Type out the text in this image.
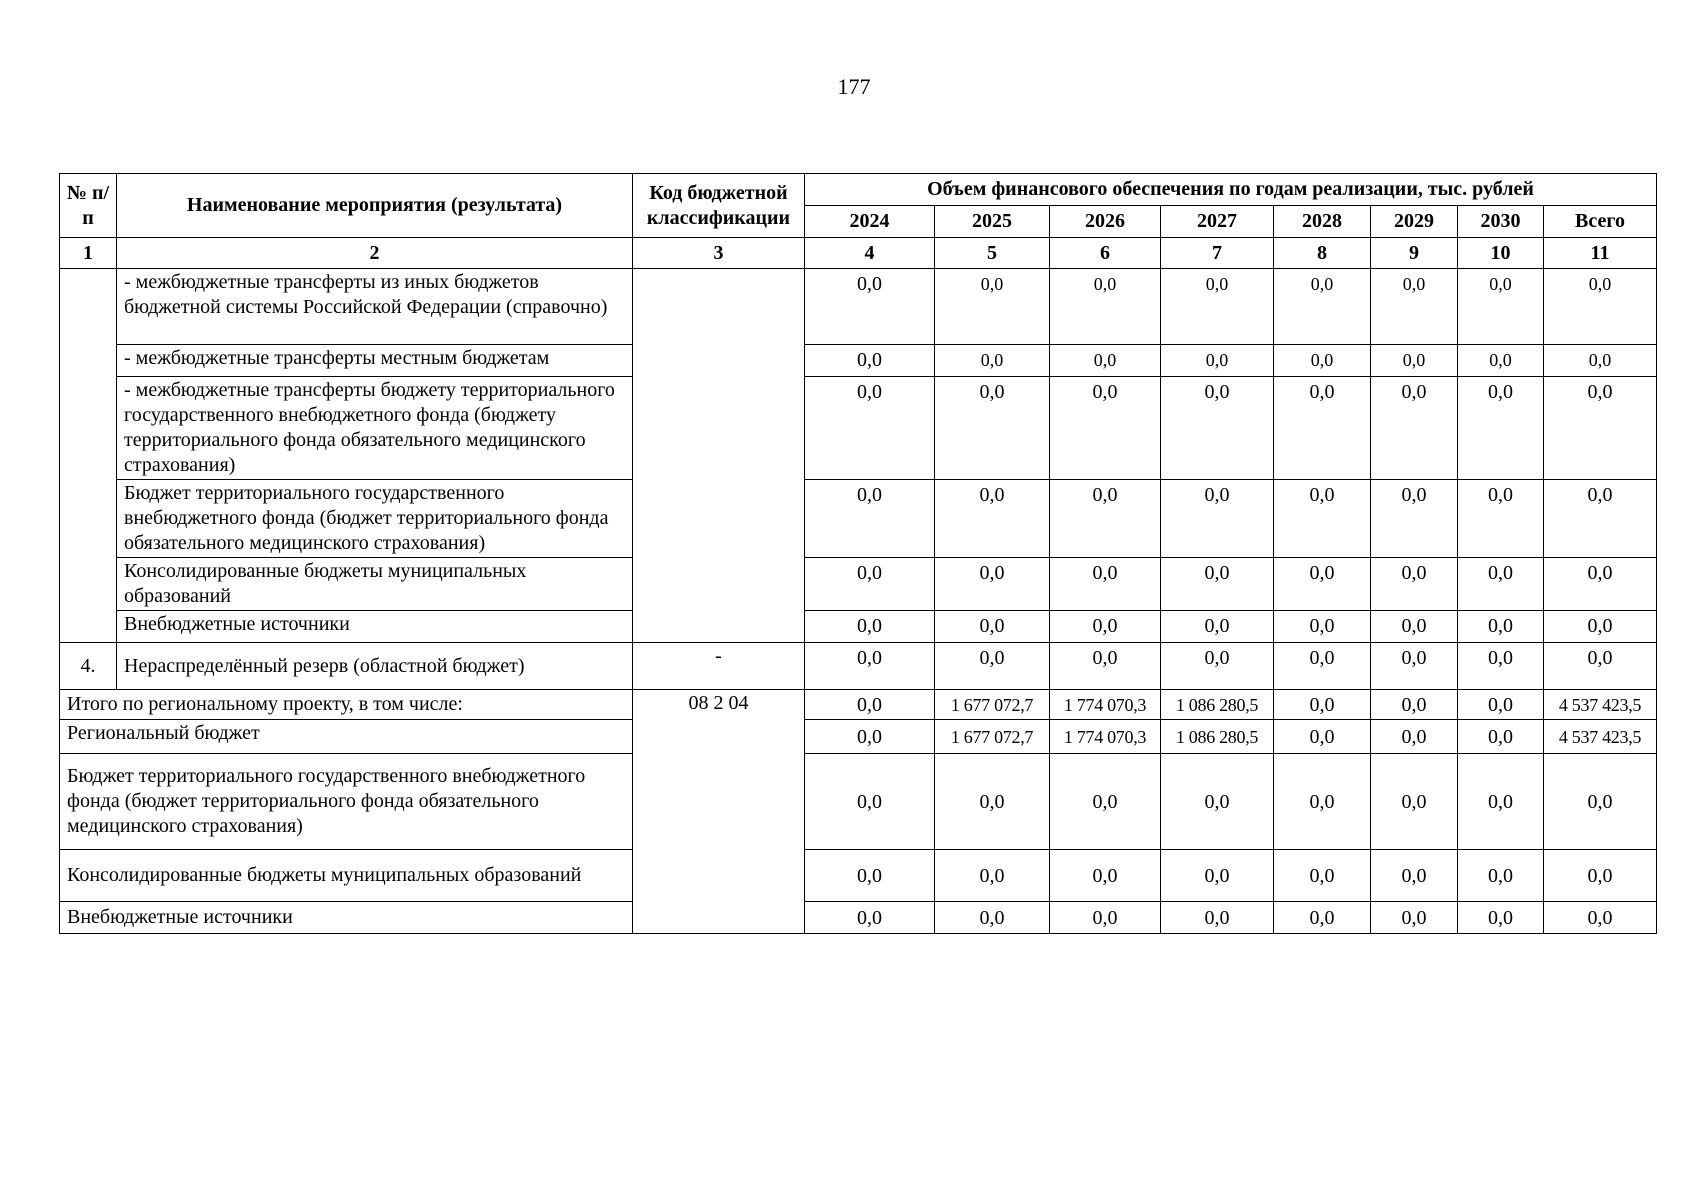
177
№ п/п	Наименование мероприятия (результата)	Код бюджетной классификации	Объем финансового обеспечения по годам реализации, тыс. рублей							
			2024	2025	2026	2027	2028	2029	2030	Всего
1	2	3	4	5	6	7	8	9	10	11
	- межбюджетные трансферты из иных бюджетов бюджетной системы Российской Федерации (справочно)		0,0	0,0	0,0	0,0	0,0	0,0	0,0	0,0
	- межбюджетные трансферты местным бюджетам		0,0	0,0	0,0	0,0	0,0	0,0	0,0	0,0
	- межбюджетные трансферты бюджету территориального государственного внебюджетного фонда (бюджету территориального фонда обязательного медицинского страхования)		0,0	0,0	0,0	0,0	0,0	0,0	0,0	0,0
	Бюджет территориального государственного внебюджетного фонда (бюджет территориального фонда обязательного медицинского страхования)		0,0	0,0	0,0	0,0	0,0	0,0	0,0	0,0
	Консолидированные бюджеты муниципальных образований		0,0	0,0	0,0	0,0	0,0	0,0	0,0	0,0
	Внебюджетные источники		0,0	0,0	0,0	0,0	0,0	0,0	0,0	0,0
4.	Нераспределённый резерв (областной бюджет)	-	0,0	0,0	0,0	0,0	0,0	0,0	0,0	0,0
Итого по региональному проекту, в том числе:		08 2 04	0,0	1 677 072,7	1 774 070,3	1 086 280,5	0,0	0,0	0,0	4 537 423,5
Региональный бюджет			0,0	1 677 072,7	1 774 070,3	1 086 280,5	0,0	0,0	0,0	4 537 423,5
Бюджет территориального государственного внебюджетного фонда (бюджет территориального фонда обязательного медицинского страхования)			0,0	0,0	0,0	0,0	0,0	0,0	0,0	0,0
Консолидированные бюджеты муниципальных образований			0,0	0,0	0,0	0,0	0,0	0,0	0,0	0,0
Внебюджетные источники			0,0	0,0	0,0	0,0	0,0	0,0	0,0	0,0
